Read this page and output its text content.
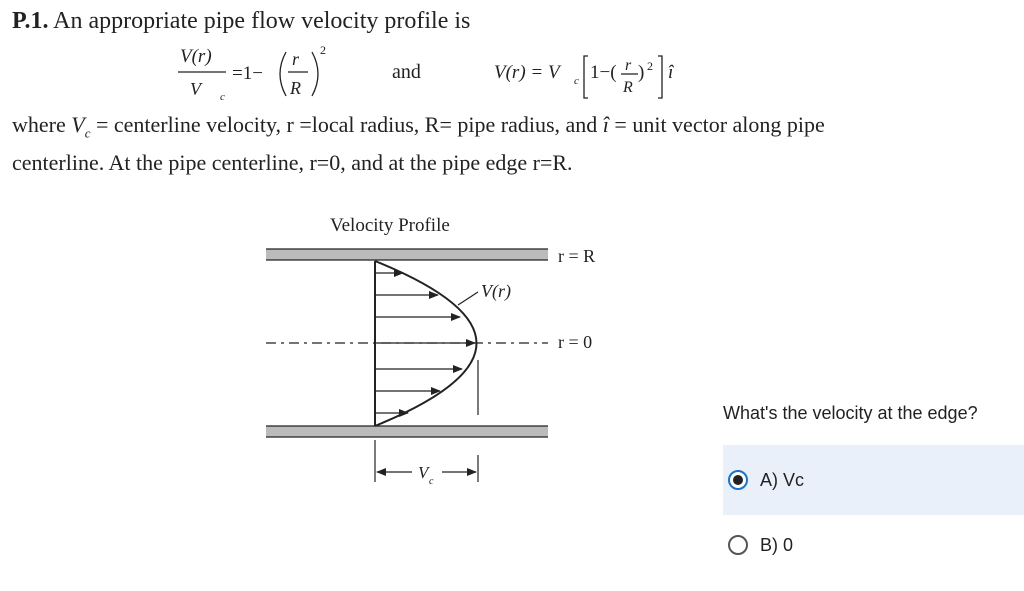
P.1. An appropriate pipe flow velocity profile is
V(r)
V c
=1−
r
R
2
and	V(r) = V c 1−( r
R
) 2 î
where $V_c$ = centerline velocity, r =local radius, R= pipe radius, and î = unit vector along pipe centerline. At the pipe centerline, r=0, and at the pipe edge r=R.
Velocity Profile
r = R
r = 0
V(r)
V c
What's the velocity at the edge?
A) Vc
B) 0
